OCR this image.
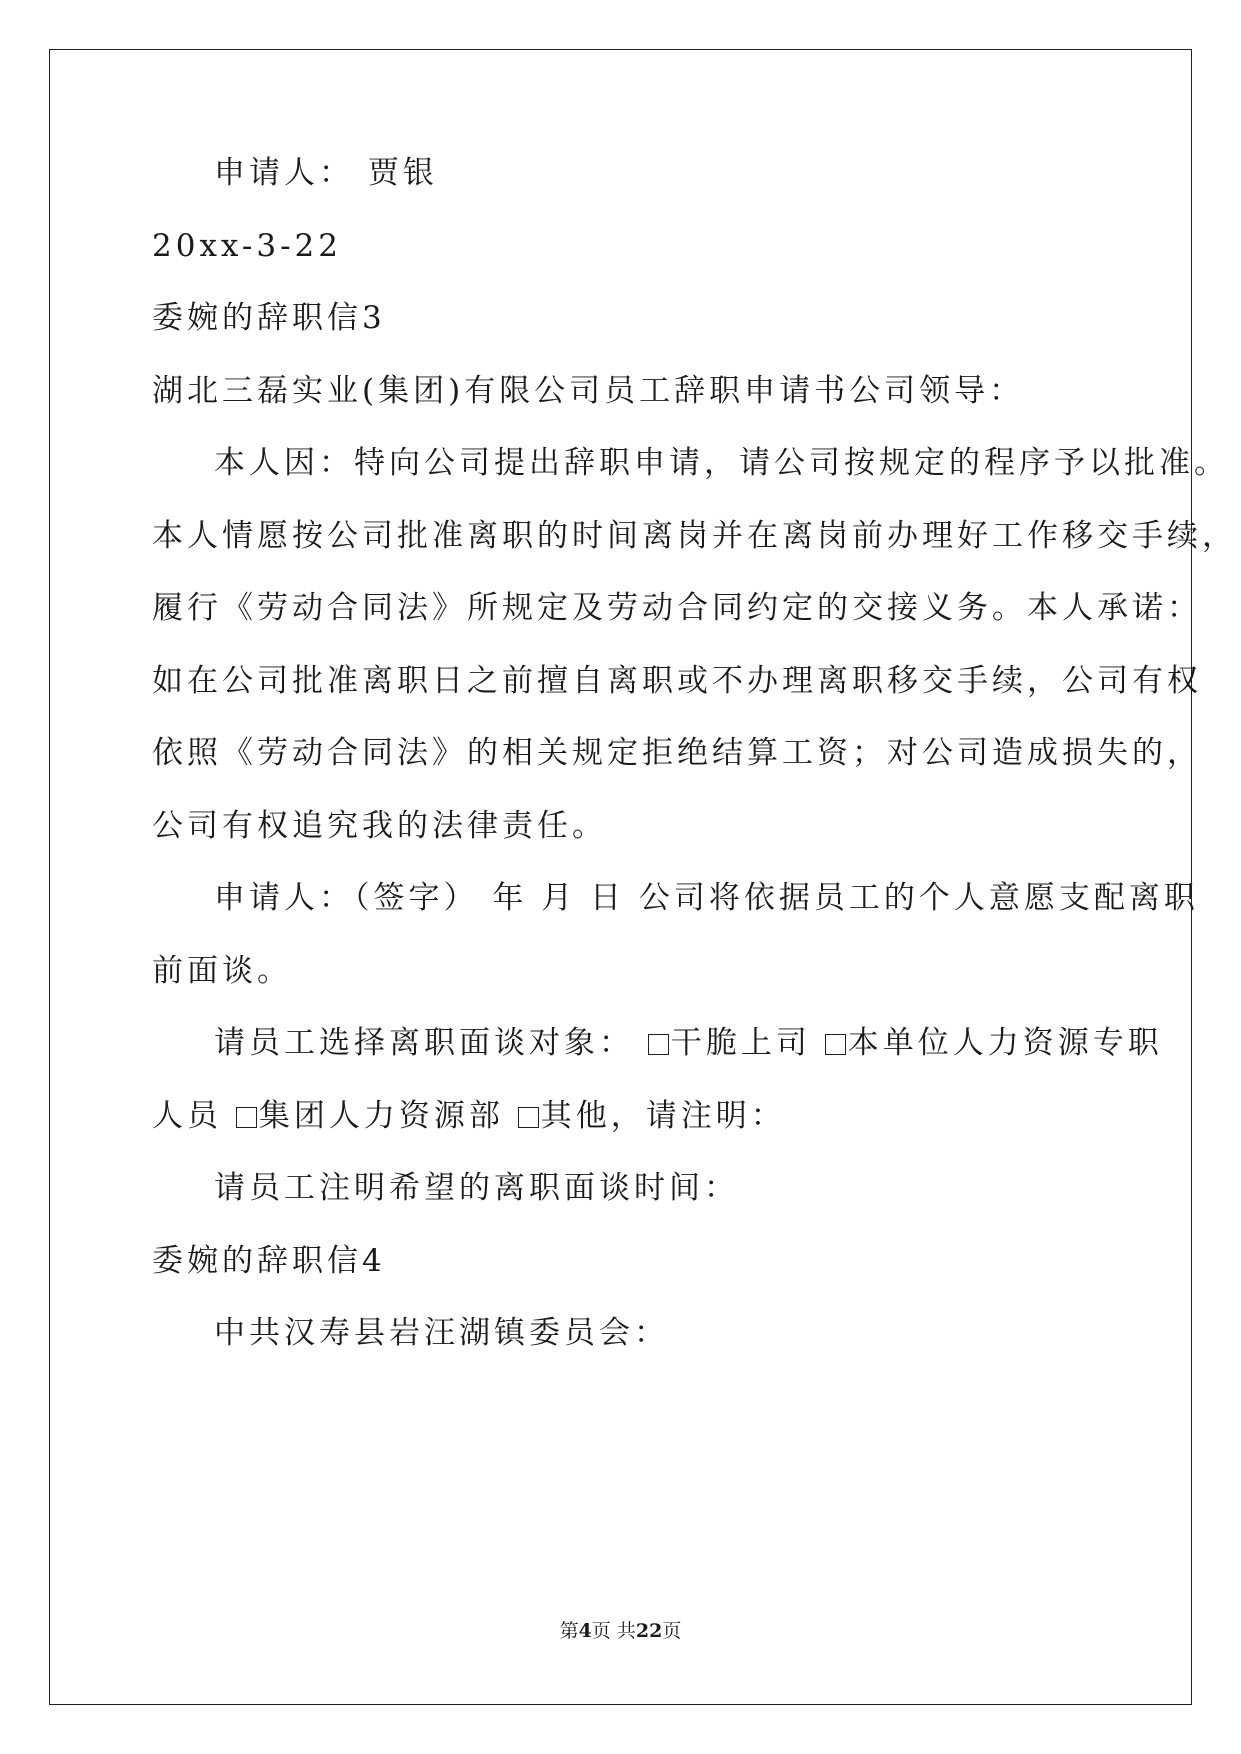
申请人： 贾银

20xx-3-22

委婉的辞职信3

湖北三磊实业(集团)有限公司员工辞职申请书公司领导：

本人因：特向公司提出辞职申请，请公司按规定的程序予以批准。

本人情愿按公司批准离职的时间离岗并在离岗前办理好工作移交手续，

履行《劳动合同法》所规定及劳动合同约定的交接义务。本人承诺：

如在公司批准离职日之前擅自离职或不办理离职移交手续，公司有权

依照《劳动合同法》的相关规定拒绝结算工资；对公司造成损失的，

公司有权追究我的法律责任。

申请人：（签字） 年 月 日 公司将依据员工的个人意愿支配离职

前面谈。

请员工选择离职面谈对象： 干脆上司 本单位人力资源专职

人员 集团人力资源部 其他，请注明：

请员工注明希望的离职面谈时间：

委婉的辞职信4

中共汉寿县岩汪湖镇委员会：

第4页 共22页
